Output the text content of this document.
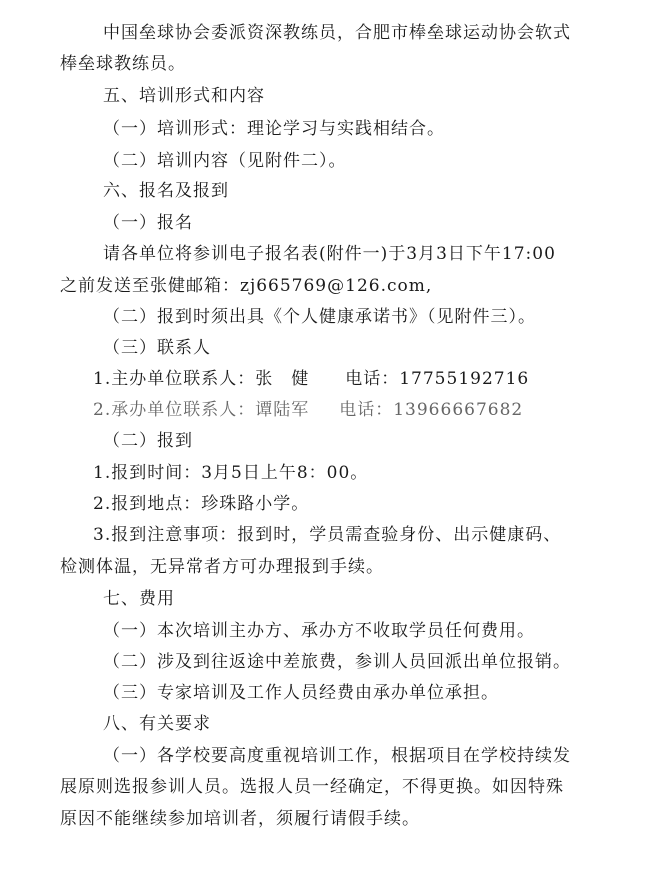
中国垒球协会委派资深教练员，合肥市棒垒球运动协会软式
棒垒球教练员。
五、培训形式和内容
（一）培训形式：理论学习与实践相结合。
（二）培训内容（见附件二）。
六、报名及报到
（一）报名
请各单位将参训电子报名表(附件一)于3月3日下午17:00
之前发送至张健邮箱：zj665769@126.com,
（二）报到时须出具《个人健康承诺书》（见附件三）。
（三）联系人
1.主办单位联系人：张　健 电话：17755192716
2.承办单位联系人：谭陆军 电话：13966667682
（二）报到
1.报到时间：3月5日上午8：00。
2.报到地点：珍珠路小学。
3.报到注意事项：报到时，学员需查验身份、出示健康码、
检测体温，无异常者方可办理报到手续。
七、费用
（一）本次培训主办方、承办方不收取学员任何费用。
（二）涉及到往返途中差旅费，参训人员回派出单位报销。
（三）专家培训及工作人员经费由承办单位承担。
八、有关要求
（一）各学校要高度重视培训工作，根据项目在学校持续发
展原则选报参训人员。选报人员一经确定，不得更换。如因特殊
原因不能继续参加培训者，须履行请假手续。
